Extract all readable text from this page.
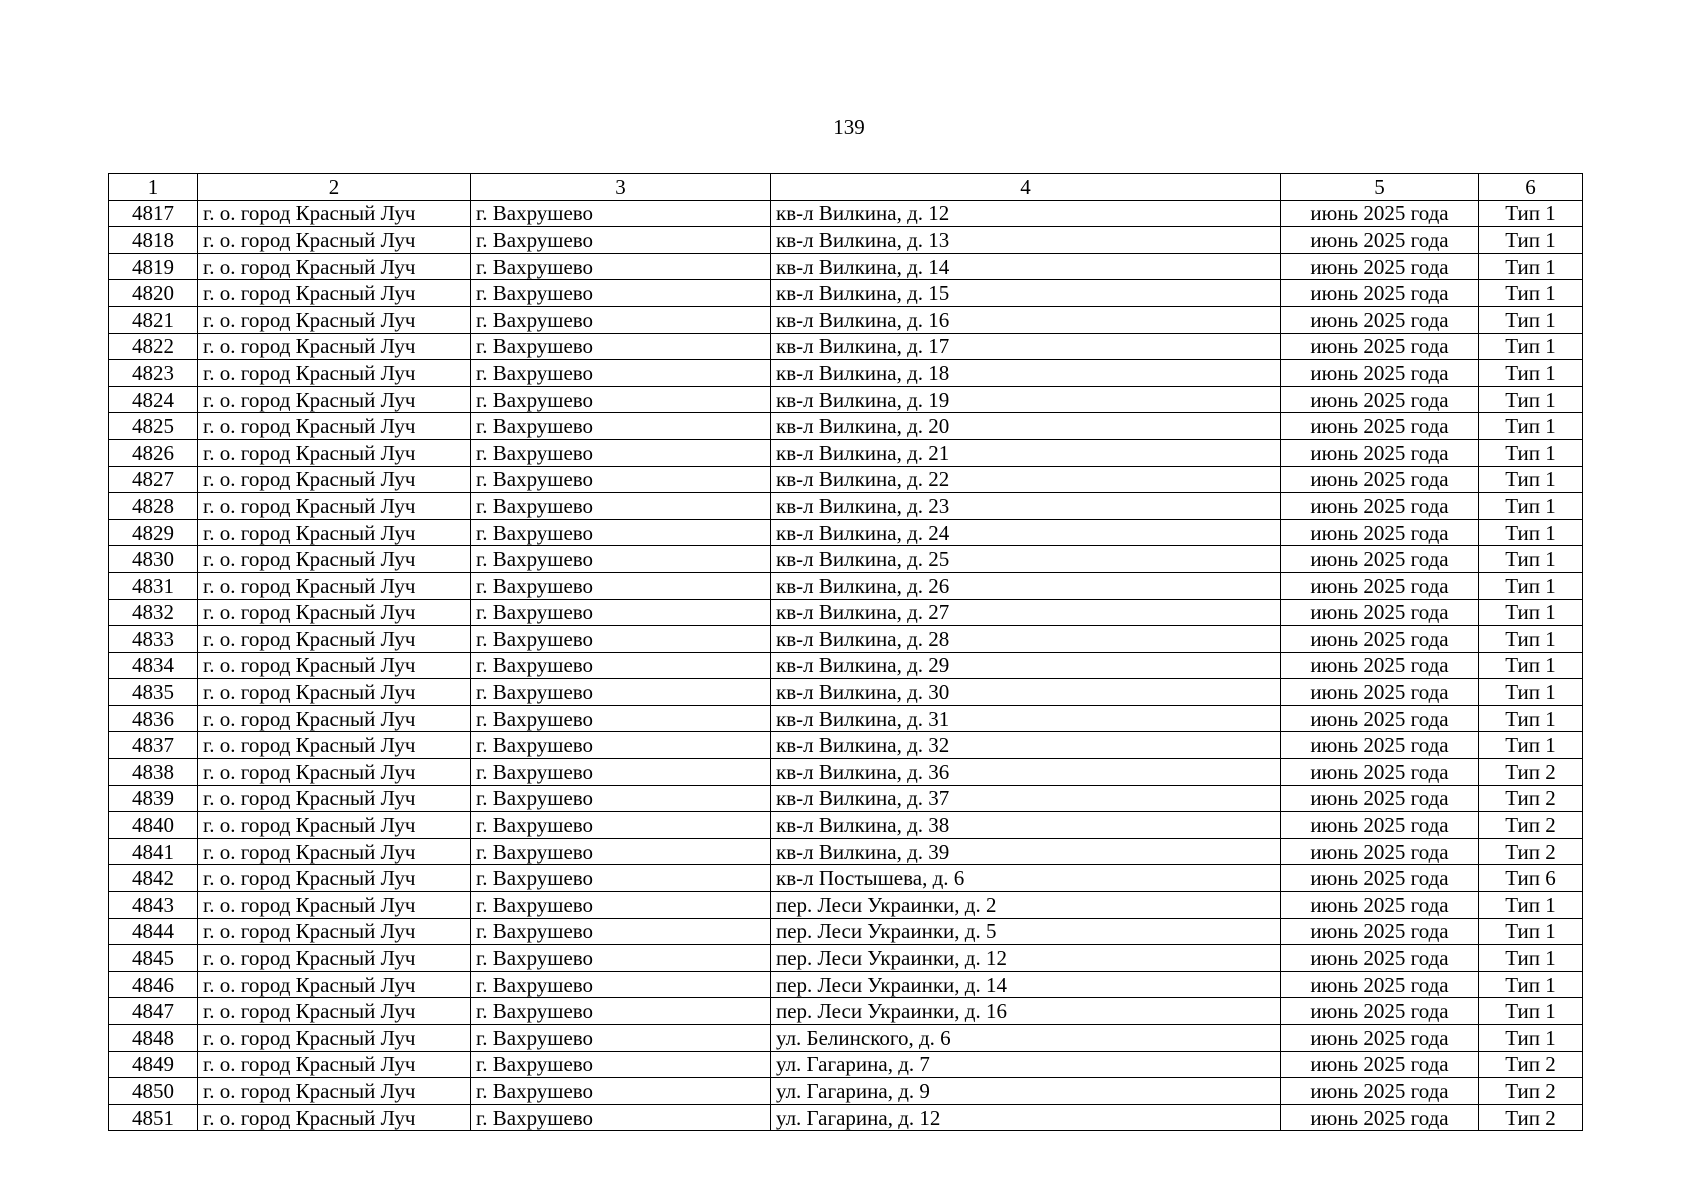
139
1	2	3	4	5	6
4817	г. о. город Красный Луч	г. Вахрушево	кв-л Вилкина, д. 12	июнь 2025 года	Тип 1
4818	г. о. город Красный Луч	г. Вахрушево	кв-л Вилкина, д. 13	июнь 2025 года	Тип 1
4819	г. о. город Красный Луч	г. Вахрушево	кв-л Вилкина, д. 14	июнь 2025 года	Тип 1
4820	г. о. город Красный Луч	г. Вахрушево	кв-л Вилкина, д. 15	июнь 2025 года	Тип 1
4821	г. о. город Красный Луч	г. Вахрушево	кв-л Вилкина, д. 16	июнь 2025 года	Тип 1
4822	г. о. город Красный Луч	г. Вахрушево	кв-л Вилкина, д. 17	июнь 2025 года	Тип 1
4823	г. о. город Красный Луч	г. Вахрушево	кв-л Вилкина, д. 18	июнь 2025 года	Тип 1
4824	г. о. город Красный Луч	г. Вахрушево	кв-л Вилкина, д. 19	июнь 2025 года	Тип 1
4825	г. о. город Красный Луч	г. Вахрушево	кв-л Вилкина, д. 20	июнь 2025 года	Тип 1
4826	г. о. город Красный Луч	г. Вахрушево	кв-л Вилкина, д. 21	июнь 2025 года	Тип 1
4827	г. о. город Красный Луч	г. Вахрушево	кв-л Вилкина, д. 22	июнь 2025 года	Тип 1
4828	г. о. город Красный Луч	г. Вахрушево	кв-л Вилкина, д. 23	июнь 2025 года	Тип 1
4829	г. о. город Красный Луч	г. Вахрушево	кв-л Вилкина, д. 24	июнь 2025 года	Тип 1
4830	г. о. город Красный Луч	г. Вахрушево	кв-л Вилкина, д. 25	июнь 2025 года	Тип 1
4831	г. о. город Красный Луч	г. Вахрушево	кв-л Вилкина, д. 26	июнь 2025 года	Тип 1
4832	г. о. город Красный Луч	г. Вахрушево	кв-л Вилкина, д. 27	июнь 2025 года	Тип 1
4833	г. о. город Красный Луч	г. Вахрушево	кв-л Вилкина, д. 28	июнь 2025 года	Тип 1
4834	г. о. город Красный Луч	г. Вахрушево	кв-л Вилкина, д. 29	июнь 2025 года	Тип 1
4835	г. о. город Красный Луч	г. Вахрушево	кв-л Вилкина, д. 30	июнь 2025 года	Тип 1
4836	г. о. город Красный Луч	г. Вахрушево	кв-л Вилкина, д. 31	июнь 2025 года	Тип 1
4837	г. о. город Красный Луч	г. Вахрушево	кв-л Вилкина, д. 32	июнь 2025 года	Тип 1
4838	г. о. город Красный Луч	г. Вахрушево	кв-л Вилкина, д. 36	июнь 2025 года	Тип 2
4839	г. о. город Красный Луч	г. Вахрушево	кв-л Вилкина, д. 37	июнь 2025 года	Тип 2
4840	г. о. город Красный Луч	г. Вахрушево	кв-л Вилкина, д. 38	июнь 2025 года	Тип 2
4841	г. о. город Красный Луч	г. Вахрушево	кв-л Вилкина, д. 39	июнь 2025 года	Тип 2
4842	г. о. город Красный Луч	г. Вахрушево	кв-л Постышева, д. 6	июнь 2025 года	Тип 6
4843	г. о. город Красный Луч	г. Вахрушево	пер. Леси Украинки, д. 2	июнь 2025 года	Тип 1
4844	г. о. город Красный Луч	г. Вахрушево	пер. Леси Украинки, д. 5	июнь 2025 года	Тип 1
4845	г. о. город Красный Луч	г. Вахрушево	пер. Леси Украинки, д. 12	июнь 2025 года	Тип 1
4846	г. о. город Красный Луч	г. Вахрушево	пер. Леси Украинки, д. 14	июнь 2025 года	Тип 1
4847	г. о. город Красный Луч	г. Вахрушево	пер. Леси Украинки, д. 16	июнь 2025 года	Тип 1
4848	г. о. город Красный Луч	г. Вахрушево	ул. Белинского, д. 6	июнь 2025 года	Тип 1
4849	г. о. город Красный Луч	г. Вахрушево	ул. Гагарина, д. 7	июнь 2025 года	Тип 2
4850	г. о. город Красный Луч	г. Вахрушево	ул. Гагарина, д. 9	июнь 2025 года	Тип 2
4851	г. о. город Красный Луч	г. Вахрушево	ул. Гагарина, д. 12	июнь 2025 года	Тип 2
